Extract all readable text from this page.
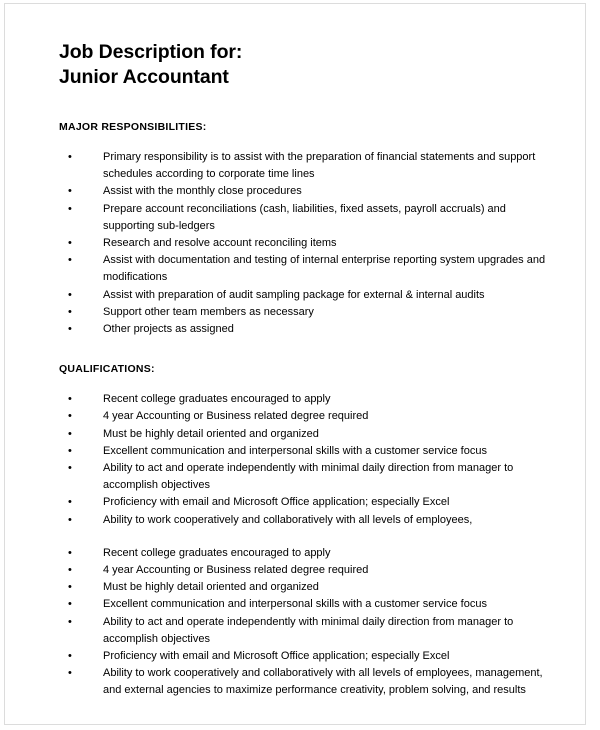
Job Description for:
Junior Accountant
MAJOR RESPONSIBILITIES:
•	Primary responsibility is to assist with the preparation of financial statements and support schedules according to corporate time lines
•	Assist with the monthly close procedures
•	Prepare account reconciliations (cash, liabilities, fixed assets, payroll accruals) and supporting sub-ledgers
•	Research and resolve account reconciling items
•	Assist with documentation and testing of internal enterprise reporting system upgrades and modifications
•	Assist with preparation of audit sampling package for external & internal audits
•	Support other team members as necessary
•	Other projects as assigned
QUALIFICATIONS:
•	Recent college graduates encouraged to apply
•	4 year Accounting or Business related degree required
•	Must be highly detail oriented and organized
•	Excellent communication and interpersonal skills with a customer service focus
•	Ability to act and operate independently with minimal daily direction from manager to accomplish objectives
•	Proficiency with email and Microsoft Office application; especially Excel
•	Ability to work cooperatively and collaboratively with all levels of employees,
•	Recent college graduates encouraged to apply
•	4 year Accounting or Business related degree required
•	Must be highly detail oriented and organized
•	Excellent communication and interpersonal skills with a customer service focus
•	Ability to act and operate independently with minimal daily direction from manager to accomplish objectives
•	Proficiency with email and Microsoft Office application; especially Excel
•	Ability to work cooperatively and collaboratively with all levels of employees, management, and external agencies to maximize performance creativity, problem solving, and results
